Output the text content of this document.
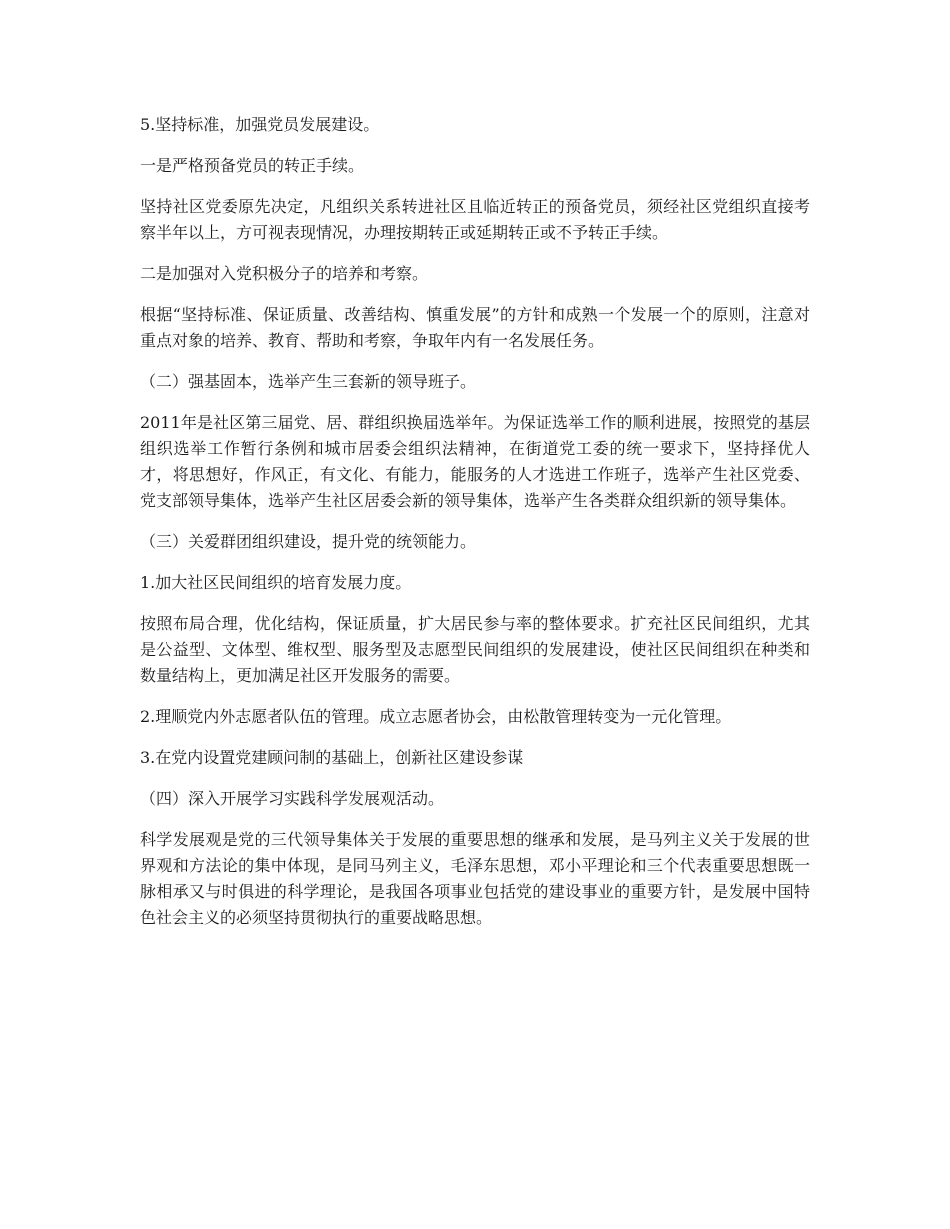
5.坚持标准，加强党员发展建设。

一是严格预备党员的转正手续。

坚持社区党委原先决定，凡组织关系转进社区且临近转正的预备党员，须经社区党组织直接考察半年以上，方可视表现情况，办理按期转正或延期转正或不予转正手续。

二是加强对入党积极分子的培养和考察。

根据“坚持标准、保证质量、改善结构、慎重发展”的方针和成熟一个发展一个的原则，注意对重点对象的培养、教育、帮助和考察，争取年内有一名发展任务。

（二）强基固本，选举产生三套新的领导班子。

2011年是社区第三届党、居、群组织换届选举年。为保证选举工作的顺利进展，按照党的基层组织选举工作暂行条例和城市居委会组织法精神，在街道党工委的统一要求下，坚持择优人才，将思想好，作风正，有文化、有能力，能服务的人才选进工作班子，选举产生社区党委、党支部领导集体，选举产生社区居委会新的领导集体，选举产生各类群众组织新的领导集体。

（三）关爱群团组织建设，提升党的统领能力。

1.加大社区民间组织的培育发展力度。

按照布局合理，优化结构，保证质量，扩大居民参与率的整体要求。扩充社区民间组织，尤其是公益型、文体型、维权型、服务型及志愿型民间组织的发展建设，使社区民间组织在种类和数量结构上，更加满足社区开发服务的需要。

2.理顺党内外志愿者队伍的管理。成立志愿者协会，由松散管理转变为一元化管理。

3.在党内设置党建顾问制的基础上，创新社区建设参谋

（四）深入开展学习实践科学发展观活动。

科学发展观是党的三代领导集体关于发展的重要思想的继承和发展，是马列主义关于发展的世界观和方法论的集中体现，是同马列主义，毛泽东思想，邓小平理论和三个代表重要思想既一脉相承又与时俱进的科学理论，是我国各项事业包括党的建设事业的重要方针，是发展中国特色社会主义的必须坚持贯彻执行的重要战略思想。
